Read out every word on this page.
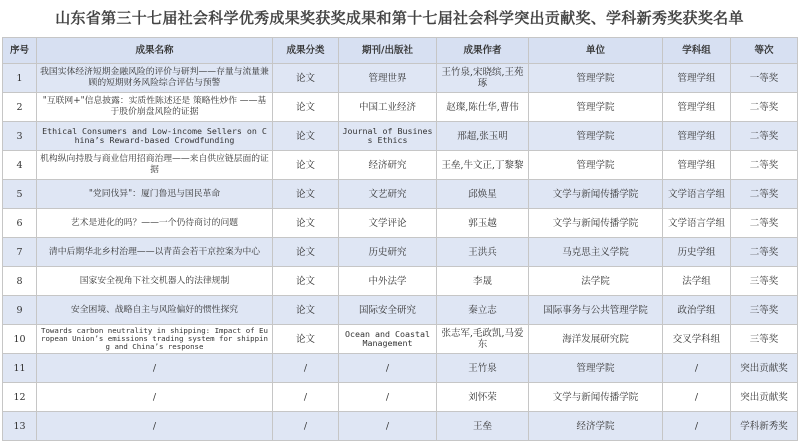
山东省第三十七届社会科学优秀成果奖获奖成果和第十七届社会科学突出贡献奖、学科新秀奖获奖名单
序号	成果名称	成果分类	期刊/出版社	成果作者	单位	学科组	等次
1	我国实体经济短期金融风险的评价与研判——存量与流量兼顾的短期财务风险综合评估与预警	论文	管理世界	王竹泉,宋晓缤,王苑琢	管理学院	管理学组	一等奖
2	"互联网+"信息披露：实质性陈述还是 策略性炒作 ——基于股价崩盘风险的证据	论文	中国工业经济	赵璨,陈仕华,曹伟	管理学院	管理学组	二等奖
3	Ethical Consumers and Low-income Sellers on China’s Reward-based Crowdfunding	论文	Journal of Business Ethics	邢超,张玉明	管理学院	管理学组	二等奖
4	机构纵向持股与商业信用招商治理——来自供应链层面的证据	论文	经济研究	王垒,牛文正,丁黎黎	管理学院	管理学组	二等奖
5	"党同伐异"：厦门鲁迅与国民革命	论文	文艺研究	邱焕星	文学与新闻传播学院	文学语言学组	二等奖
6	艺术是进化的吗？——一个仍待商讨的问题	论文	文学评论	郭玉越	文学与新闻传播学院	文学语言学组	二等奖
7	清中后期华北乡村治理——以青苗会若干京控案为中心	论文	历史研究	王洪兵	马克思主义学院	历史学组	二等奖
8	国家安全视角下社交机器人的法律规制	论文	中外法学	李晟	法学院	法学组	三等奖
9	安全困境、战略自主与风险偏好的惯性探究	论文	国际安全研究	秦立志	国际事务与公共管理学院	政治学组	三等奖
10	Towards carbon neutrality in shipping: Impact of European Union’s emissions trading system for shipping and China’s response	论文	Ocean and Coastal Management	张志军,毛政凯,马爱东	海洋发展研究院	交叉学科组	三等奖
11	/	/	/	王竹泉	管理学院	/	突出贡献奖
12	/	/	/	刘怀荣	文学与新闻传播学院	/	突出贡献奖
13	/	/	/	王垒	经济学院	/	学科新秀奖
